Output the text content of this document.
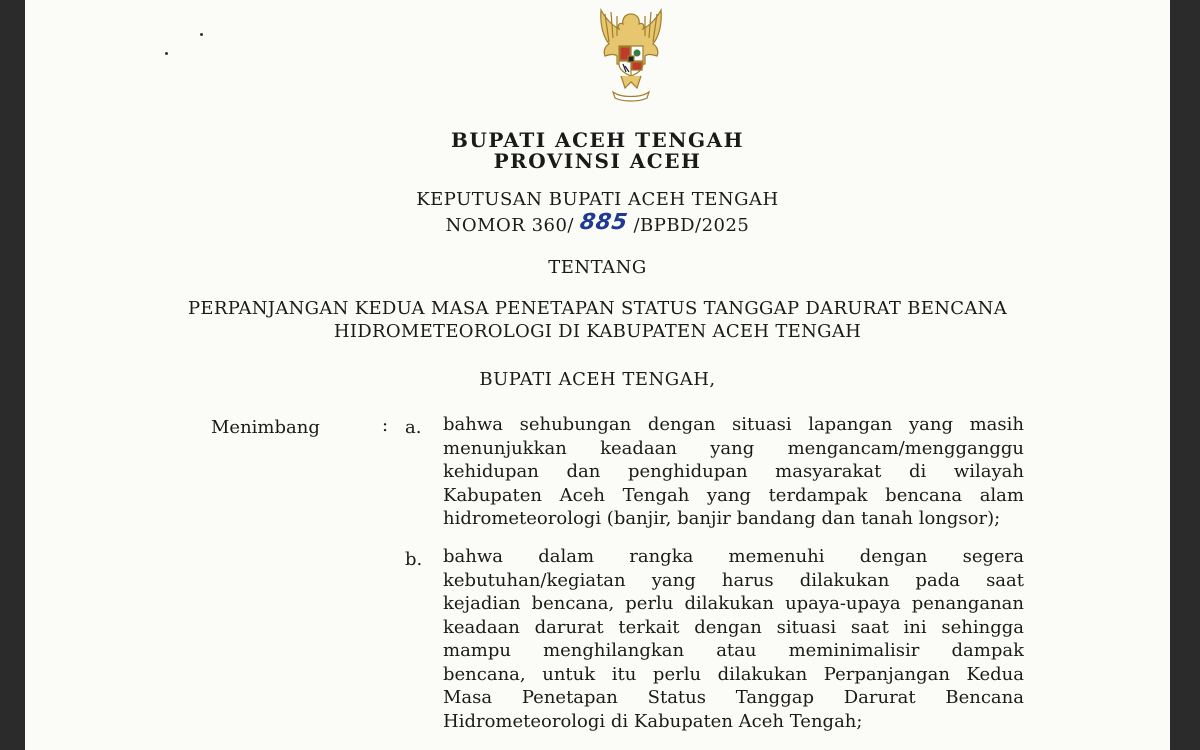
BUPATI ACEH TENGAH
PROVINSI ACEH
KEPUTUSAN BUPATI ACEH TENGAH
NOMOR 360/ 885 /BPBD/2025
TENTANG
PERPANJANGAN KEDUA MASA PENETAPAN STATUS TANGGAP DARURAT BENCANA
HIDROMETEOROLOGI DI KABUPATEN ACEH TENGAH
BUPATI ACEH TENGAH,
Menimbang	: a. bahwa sehubungan dengan situasi lapangan yang masih
menunjukkan keadaan yang mengancam/mengganggu
kehidupan dan penghidupan masyarakat di wilayah
Kabupaten Aceh Tengah yang terdampak bencana alam
hidrometeorologi (banjir, banjir bandang dan tanah longsor);
b. bahwa dalam rangka memenuhi dengan segera
kebutuhan/kegiatan yang harus dilakukan pada saat
kejadian bencana, perlu dilakukan upaya-upaya penanganan
keadaan darurat terkait dengan situasi saat ini sehingga
mampu menghilangkan atau meminimalisir dampak
bencana, untuk itu perlu dilakukan Perpanjangan Kedua
Masa Penetapan Status Tanggap Darurat Bencana
Hidrometeorologi di Kabupaten Aceh Tengah;
